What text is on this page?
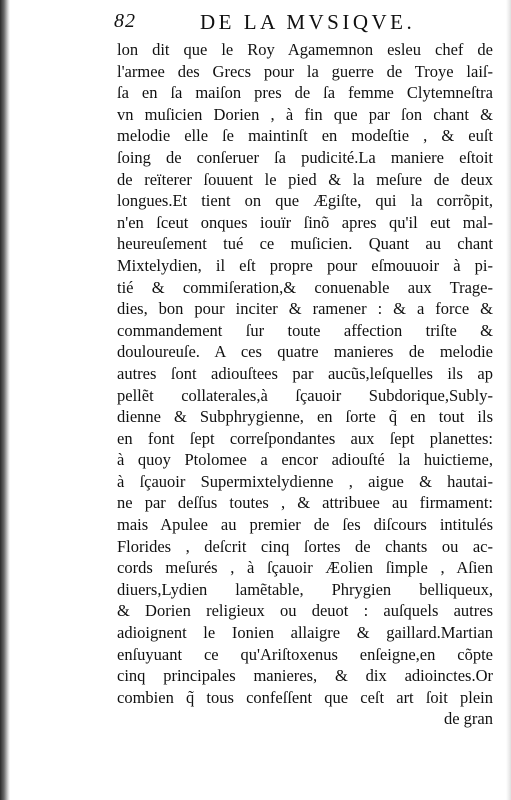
82	DE LA MVSIQVE.
lon dit que le Roy Agamemnon esleu chef de
l'armee des Grecs pour la guerre de Troye laiſ-
ſa en ſa maiſon pres de ſa femme Clytemneſtra
vn muſicien Dorien , à fin que par ſon chant &
melodie elle ſe maintinſt en modeſtie , & euſt
ſoing de conſeruer ſa pudicité.La maniere eſtoit
de reïterer ſouuent le pied & la meſure de deux
longues.Et tient on que Ægiſte, qui la corrõpit,
n'en ſceut onques iouïr ſinõ apres qu'il eut mal-
heureuſement tué ce muſicien. Quant au chant
Mixtelydien, il eſt propre pour eſmouuoir à pi-
tié & commiſeration,& conuenable aux Trage-
dies, bon pour inciter & ramener : & a force &
commandement ſur toute affection triſte &
douloureuſe. A ces quatre manieres de melodie
autres ſont adiouſtees par aucũs,leſquelles ils ap
pellẽt collaterales,à ſçauoir Subdorique,Subly-
dienne & Subphrygienne, en ſorte q̃ en tout ils
en font ſept correſpondantes aux ſept planettes:
à quoy Ptolomee a encor adiouſté la huictieme,
à ſçauoir Supermixtelydienne , aigue & hautai-
ne par deſſus toutes , & attribuee au firmament:
mais Apulee au premier de ſes diſcours intitulés
Florides , deſcrit cinq ſortes de chants ou ac-
cords meſurés , à ſçauoir Æolien ſimple , Aſien
diuers,Lydien lamẽtable, Phrygien belliqueux,
& Dorien religieux ou deuot : auſquels autres
adioignent le Ionien allaigre & gaillard.Martian
enſuyuant ce qu'Ariſtoxenus enſeigne,en cõpte
cinq principales manieres, & dix adioinctes.Or
combien q̃ tous confeſſent que ceſt art ſoit plein
de gran
